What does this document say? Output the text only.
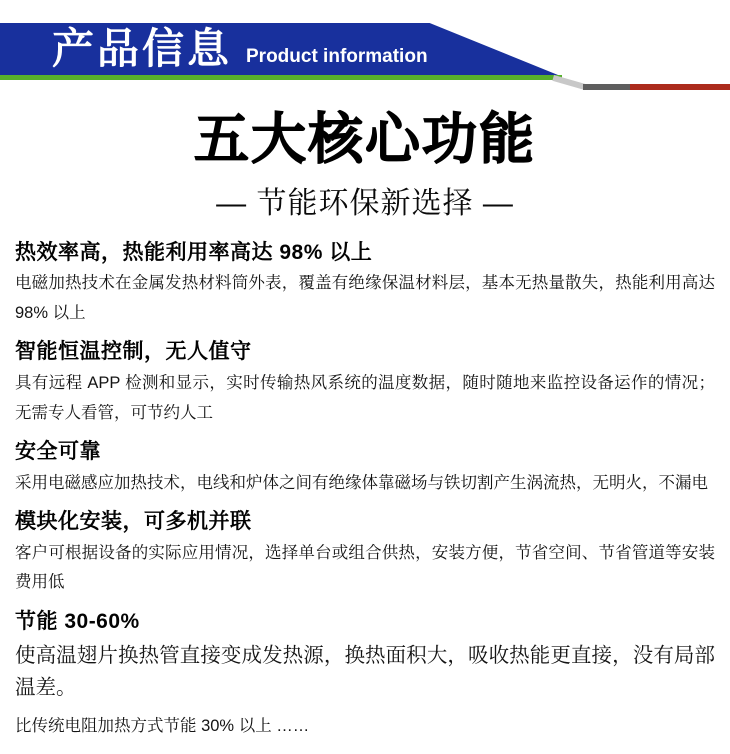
产品信息 Product information
五大核心功能
— 节能环保新选择 —
热效率高，热能利用率高达 98% 以上
电磁加热技术在金属发热材料筒外表，覆盖有绝缘保温材料层，基本无热量散失，热能利用高达 98% 以上
智能恒温控制，无人值守
具有远程 APP 检测和显示，实时传输热风系统的温度数据，随时随地来监控设备运作的情况；无需专人看管，可节约人工
安全可靠
采用电磁感应加热技术，电线和炉体之间有绝缘体靠磁场与铁切割产生涡流热，无明火，不漏电
模块化安装，可多机并联
客户可根据设备的实际应用情况，选择单台或组合供热，安装方便，节省空间、节省管道等安装费用低
节能 30-60%
使高温翅片换热管直接变成发热源，换热面积大，吸收热能更直接，没有局部温差。
比传统电阻加热方式节能 30% 以上 ……
